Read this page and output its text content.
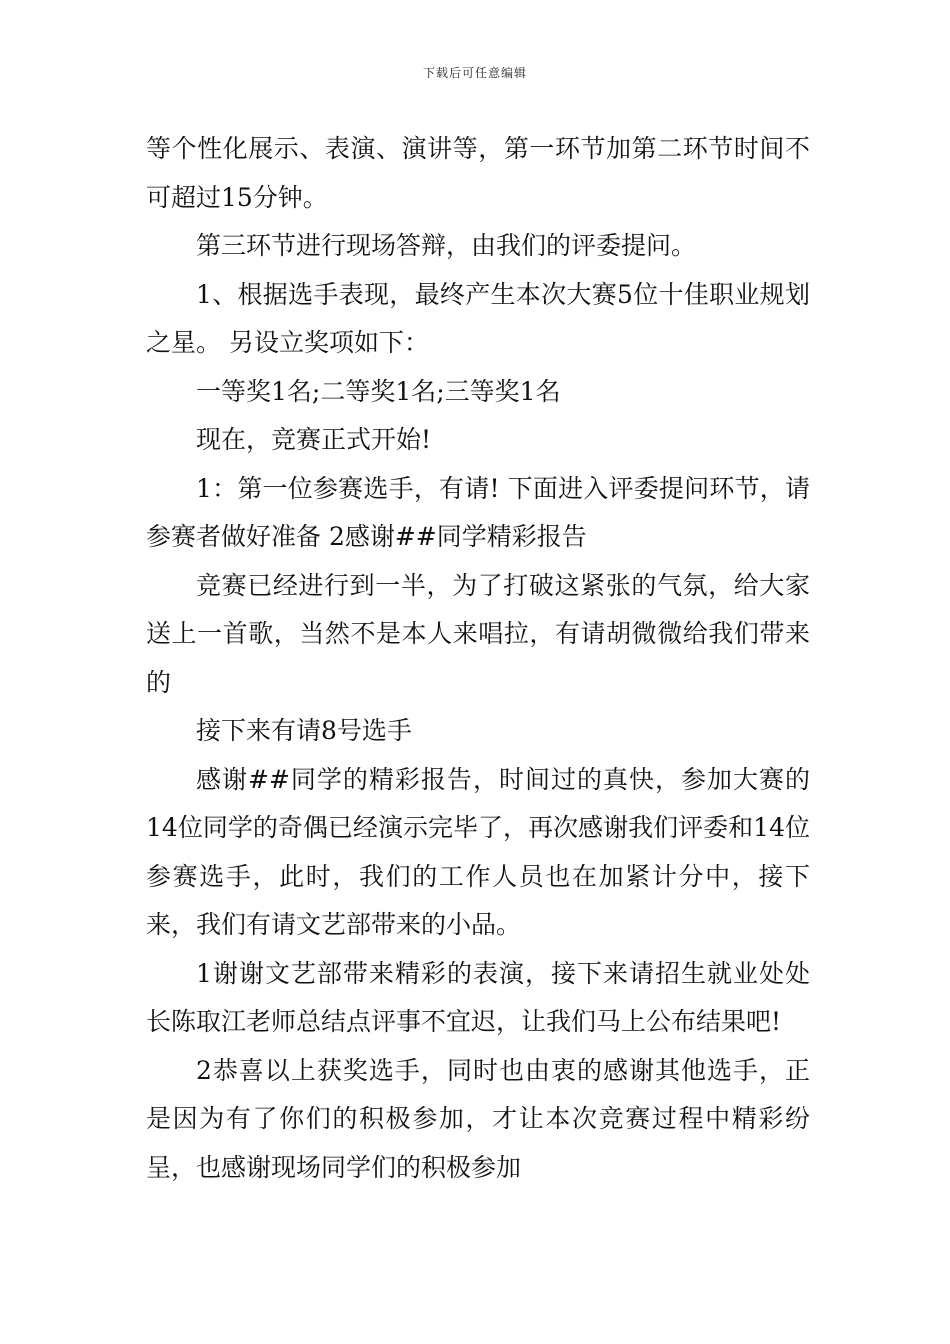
下载后可任意编辑

等个性化展示、表演、演讲等，第一环节加第二环节时间不可超过15分钟。

第三环节进行现场答辩，由我们的评委提问。

1、根据选手表现，最终产生本次大赛5位十佳职业规划之星。 另设立奖项如下：

一等奖1名;二等奖1名;三等奖1名

现在，竞赛正式开始!

1：第一位参赛选手，有请! 下面进入评委提问环节，请参赛者做好准备 2感谢##同学精彩报告

竞赛已经进行到一半，为了打破这紧张的气氛，给大家送上一首歌，当然不是本人来唱拉，有请胡微微给我们带来的

接下来有请8号选手

感谢##同学的精彩报告，时间过的真快，参加大赛的14位同学的奇偶已经演示完毕了，再次感谢我们评委和14位参赛选手，此时，我们的工作人员也在加紧计分中，接下来，我们有请文艺部带来的小品。

1谢谢文艺部带来精彩的表演，接下来请招生就业处处长陈取江老师总结点评事不宜迟，让我们马上公布结果吧!

2恭喜以上获奖选手，同时也由衷的感谢其他选手，正是因为有了你们的积极参加，才让本次竞赛过程中精彩纷呈，也感谢现场同学们的积极参加
